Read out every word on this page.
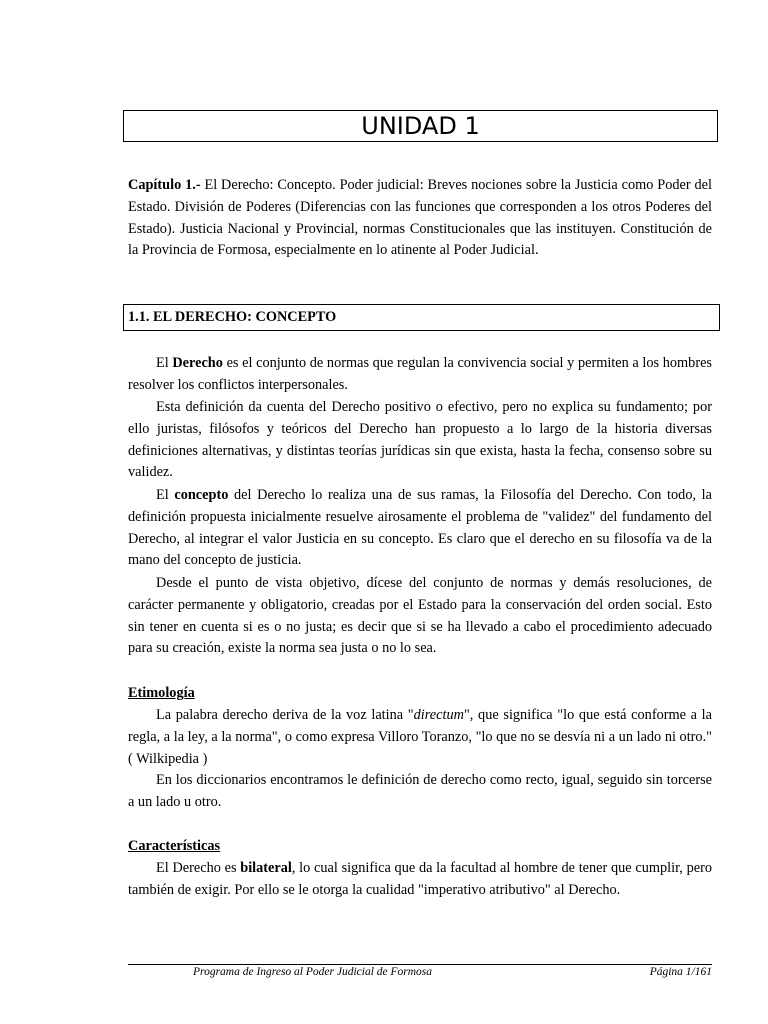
UNIDAD 1

Capítulo 1.- El Derecho: Concepto. Poder judicial: Breves nociones sobre la Justicia como Poder del Estado. División de Poderes (Diferencias con las funciones que corresponden a los otros Poderes del Estado). Justicia Nacional y Provincial, normas Constitucionales que las instituyen. Constitución de la Provincia de Formosa, especialmente en lo atinente al Poder Judicial.

1.1. EL DERECHO: CONCEPTO

El Derecho es el conjunto de normas que regulan la convivencia social y permiten a los hombres resolver los conflictos interpersonales.

Esta definición da cuenta del Derecho positivo o efectivo, pero no explica su fundamento; por ello juristas, filósofos y teóricos del Derecho han propuesto a lo largo de la historia diversas definiciones alternativas, y distintas teorías jurídicas sin que exista, hasta la fecha, consenso sobre su validez.

El concepto del Derecho lo realiza una de sus ramas, la Filosofía del Derecho. Con todo, la definición propuesta inicialmente resuelve airosamente el problema de "validez" del fundamento del Derecho, al integrar el valor Justicia en su concepto. Es claro que el derecho en su filosofía va de la mano del concepto de justicia.

Desde el punto de vista objetivo, dícese del conjunto de normas y demás resoluciones, de carácter permanente y obligatorio, creadas por el Estado para la conservación del orden social. Esto sin tener en cuenta si es o no justa; es decir que si se ha llevado a cabo el procedimiento adecuado para su creación, existe la norma sea justa o no lo sea.

Etimología

La palabra derecho deriva de la voz latina "directum", que significa "lo que está conforme a la regla, a la ley, a la norma", o como expresa Villoro Toranzo, "lo que no se desvía ni a un lado ni otro."( Wilkipedia )

En los diccionarios encontramos le definición de derecho como recto, igual, seguido sin torcerse a un lado u otro.

Características

El Derecho es bilateral, lo cual significa que da la facultad al hombre de tener que cumplir, pero también de exigir. Por ello se le otorga la cualidad "imperativo atributivo" al Derecho.

Programa de Ingreso al Poder Judicial de Formosa	Página 1/161
